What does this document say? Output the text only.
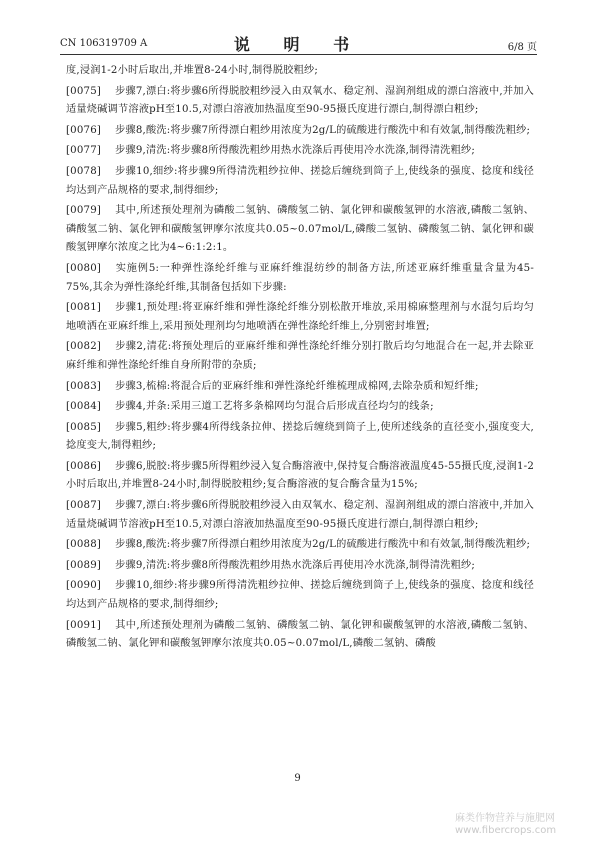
CN 106319709 A	说 明 书	6/8 页

度,浸润1-2小时后取出,并堆置8-24小时,制得脱胶粗纱;

[0075] 步骤7,漂白:将步骤6所得脱胶粗纱浸入由双氧水、稳定剂、湿润剂组成的漂白溶液中,并加入适量烧碱调节溶液pH至10.5,对漂白溶液加热温度至90-95摄氏度进行漂白,制得漂白粗纱;

[0076] 步骤8,酸洗:将步骤7所得漂白粗纱用浓度为2g/L的硫酸进行酸洗中和有效氯,制得酸洗粗纱;

[0077] 步骤9,清洗:将步骤8所得酸洗粗纱用热水洗涤后再使用冷水洗涤,制得清洗粗纱;

[0078] 步骤10,细纱:将步骤9所得清洗粗纱拉伸、搓捻后缠绕到筒子上,使线条的强度、捻度和线径均达到产品规格的要求,制得细纱;

[0079] 其中,所述预处理剂为磷酸二氢钠、磷酸氢二钠、氯化钾和碳酸氢钾的水溶液,磷酸二氢钠、磷酸氢二钠、氯化钾和碳酸氢钾摩尔浓度共0.05~0.07mol/L,磷酸二氢钠、磷酸氢二钠、氯化钾和碳酸氢钾摩尔浓度之比为4~6:1:2:1。

[0080] 实施例5:一种弹性涤纶纤维与亚麻纤维混纺纱的制备方法,所述亚麻纤维重量含量为45-75%,其余为弹性涤纶纤维,其制备包括如下步骤:

[0081] 步骤1,预处理:将亚麻纤维和弹性涤纶纤维分别松散开堆放,采用棉麻整理剂与水混匀后均匀地喷洒在亚麻纤维上,采用预处理剂均匀地喷洒在弹性涤纶纤维上,分别密封堆置;

[0082] 步骤2,清花:将预处理后的亚麻纤维和弹性涤纶纤维分别打散后均匀地混合在一起,并去除亚麻纤维和弹性涤纶纤维自身所附带的杂质;

[0083] 步骤3,梳棉:将混合后的亚麻纤维和弹性涤纶纤维梳理成棉网,去除杂质和短纤维;

[0084] 步骤4,并条:采用三道工艺将多条棉网均匀混合后形成直径均匀的线条;

[0085] 步骤5,粗纱:将步骤4所得线条拉伸、搓捻后缠绕到筒子上,使所述线条的直径变小,强度变大,捻度变大,制得粗纱;

[0086] 步骤6,脱胶:将步骤5所得粗纱浸入复合酶溶液中,保持复合酶溶液温度45-55摄氏度,浸润1-2小时后取出,并堆置8-24小时,制得脱胶粗纱;复合酶溶液的复合酶含量为15%;

[0087] 步骤7,漂白:将步骤6所得脱胶粗纱浸入由双氧水、稳定剂、湿润剂组成的漂白溶液中,并加入适量烧碱调节溶液pH至10.5,对漂白溶液加热温度至90-95摄氏度进行漂白,制得漂白粗纱;

[0088] 步骤8,酸洗:将步骤7所得漂白粗纱用浓度为2g/L的硫酸进行酸洗中和有效氯,制得酸洗粗纱;

[0089] 步骤9,清洗:将步骤8所得酸洗粗纱用热水洗涤后再使用冷水洗涤,制得清洗粗纱;

[0090] 步骤10,细纱:将步骤9所得清洗粗纱拉伸、搓捻后缠绕到筒子上,使线条的强度、捻度和线径均达到产品规格的要求,制得细纱;

[0091] 其中,所述预处理剂为磷酸二氢钠、磷酸氢二钠、氯化钾和碳酸氢钾的水溶液,磷酸二氢钠、磷酸氢二钠、氯化钾和碳酸氢钾摩尔浓度共0.05~0.07mol/L,磷酸二氢钠、磷酸

9
麻类作物营养与施肥网
www.fibercrops.com
